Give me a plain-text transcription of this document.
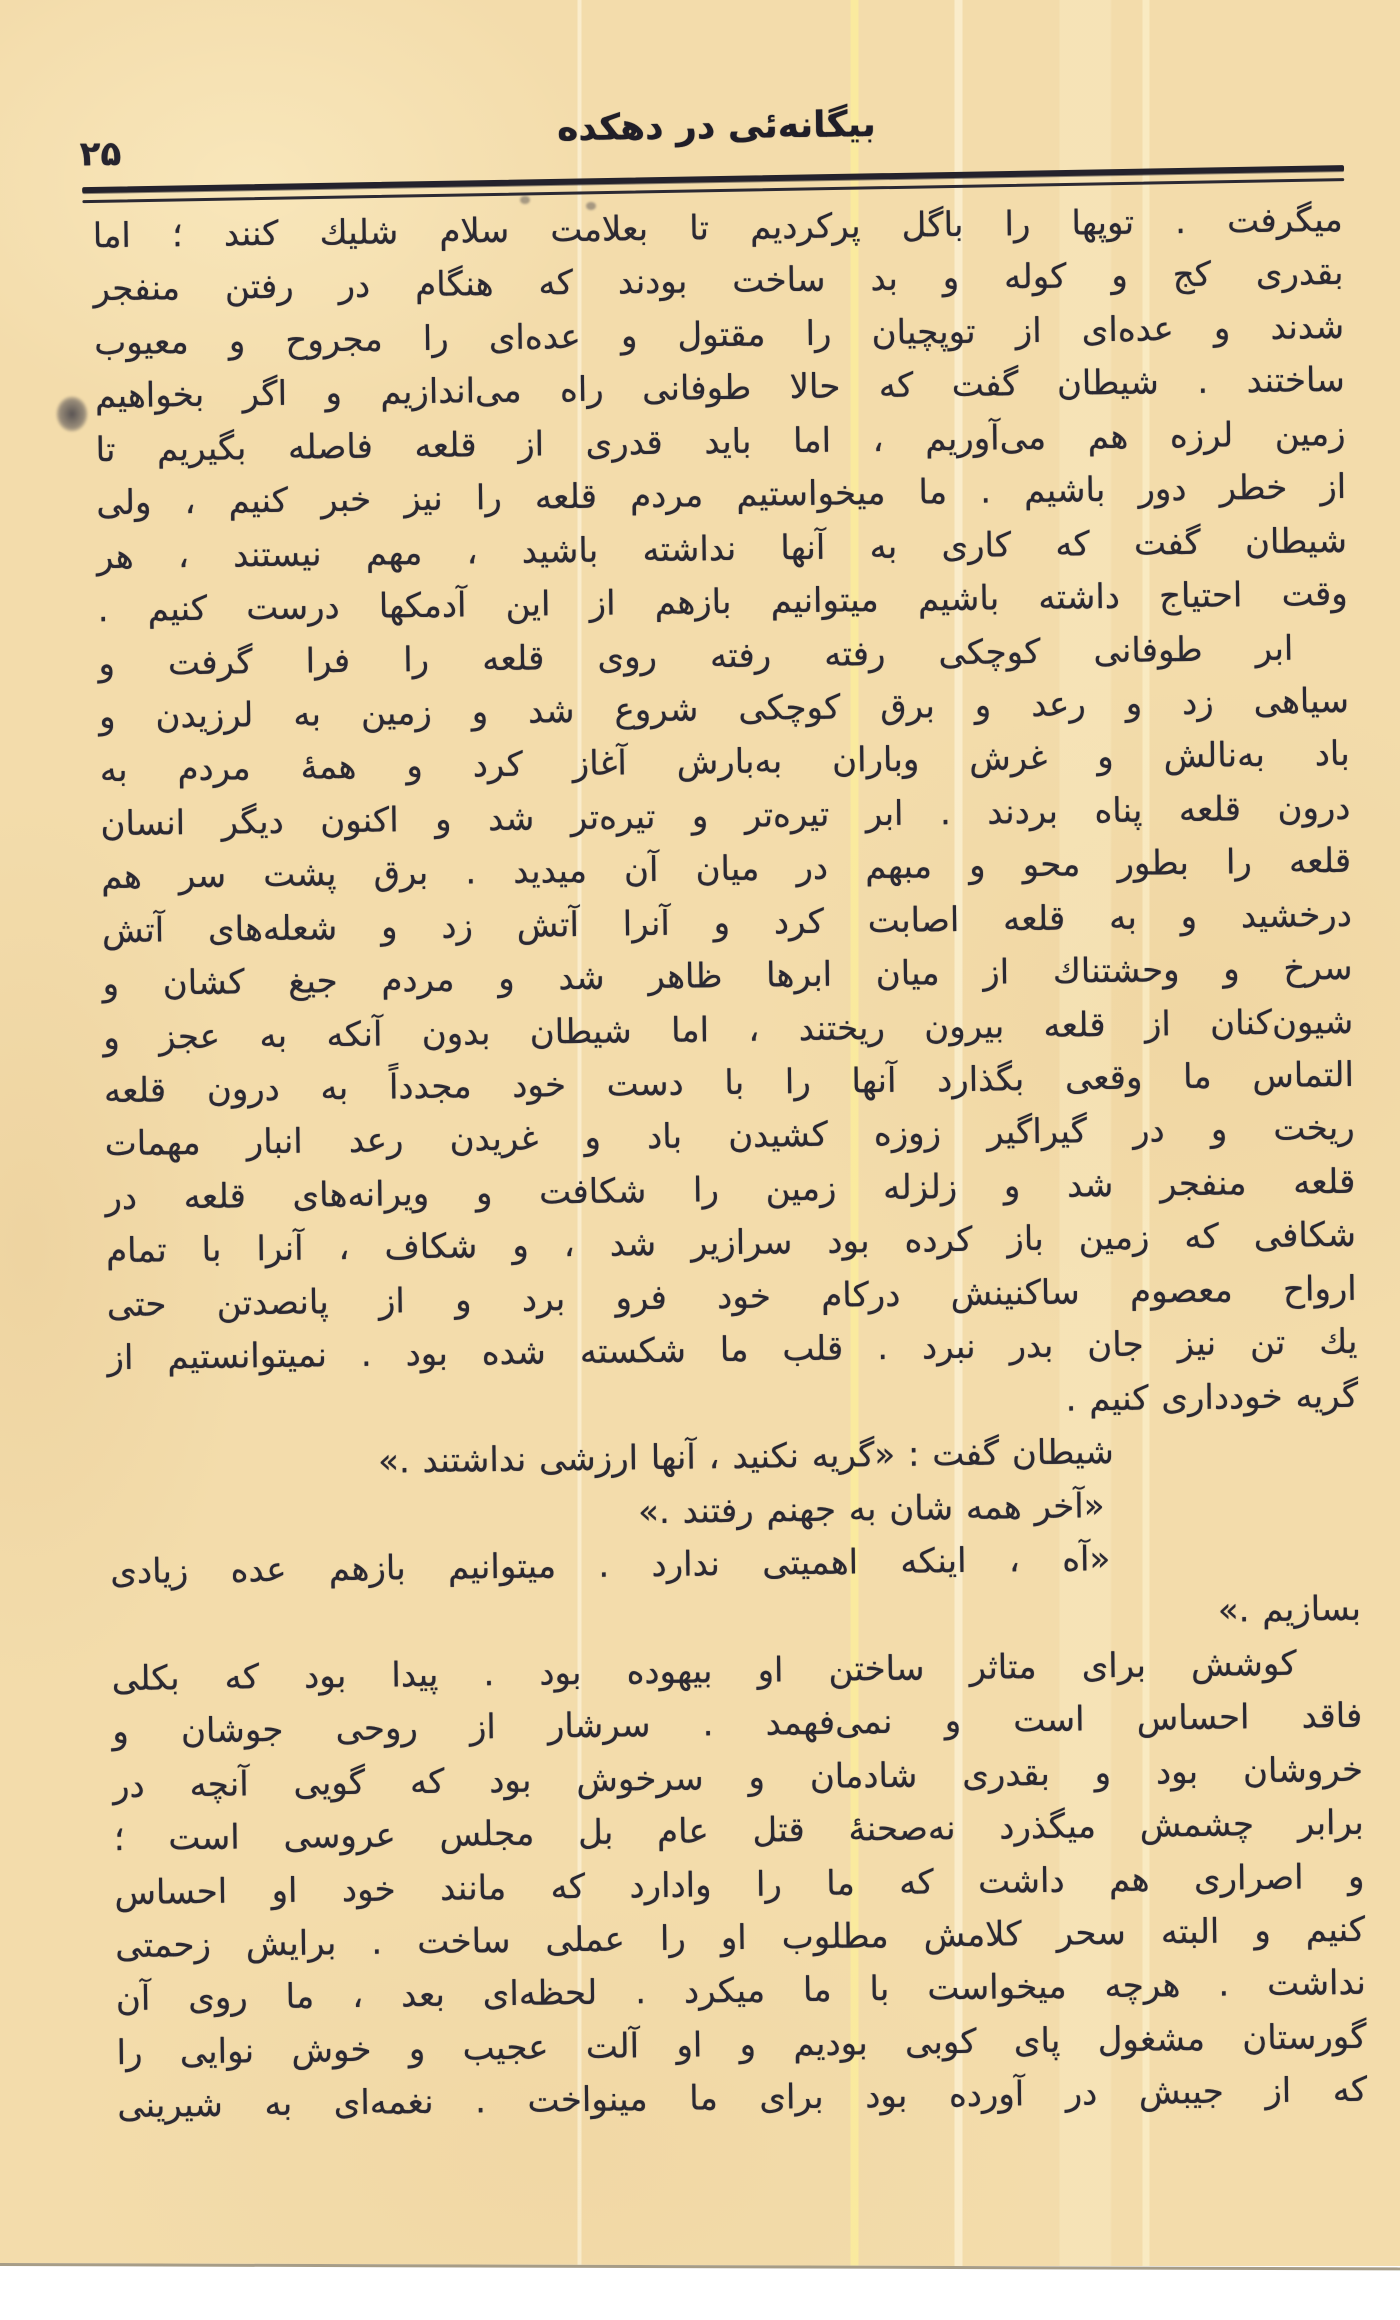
۲۵
بیگانه‌ئی در دهکده
میگرفت . توپها را باگل پرکردیم تا بعلامت سلام شلیك کنند ؛ اما
بقدری کج و کوله و بد ساخت بودند که هنگام در رفتن منفجر
شدند و عده‌ای از توپچیان را مقتول و عده‌ای را مجروح و معیوب
ساختند . شیطان گفت که حالا طوفانی راه می‌اندازیم و اگر بخواهیم
زمین لرزه هم می‌آوریم ، اما باید قدری از قلعه فاصله بگیریم تا
از خطر دور باشیم . ما میخواستیم مردم قلعه را نیز خبر کنیم ، ولی
شیطان گفت که کاری به آنها نداشته باشید ، مهم نیستند ، هر
وقت احتیاج داشته باشیم میتوانیم بازهم از این آدمکها درست کنیم .
ابر طوفانی کوچکی رفته رفته روی قلعه را فرا گرفت و
سیاهی زد و رعد و برق کوچکی شروع شد و زمین به لرزیدن و
باد به‌نالش و غرش وباران به‌بارش آغاز کرد و همهٔ مردم به
درون قلعه پناه بردند . ابر تیره‌تر و تیره‌تر شد و اکنون دیگر انسان
قلعه را بطور محو و مبهم در میان آن میدید . برق پشت سر هم
درخشید و به قلعه اصابت کرد و آنرا آتش زد و شعله‌های آتش
سرخ و وحشتناك از میان ابرها ظاهر شد و مردم جیغ کشان و
شیون‌کنان از قلعه بیرون ریختند ، اما شیطان بدون آنکه به عجز و
التماس ما وقعی بگذارد آنها را با دست خود مجدداً به درون قلعه
ریخت و در گیراگیر زوزه کشیدن باد و غریدن رعد انبار مهمات
قلعه منفجر شد و زلزله زمین را شکافت و ویرانه‌های قلعه در
شکافی که زمین باز کرده بود سرازیر شد ، و شکاف ، آنرا با تمام
ارواح معصوم ساکنینش درکام خود فرو برد و از پانصدتن حتی
یك تن نیز جان بدر نبرد . قلب ما شکسته شده بود . نمیتوانستیم از
گریه خودداری کنیم .
شیطان گفت : «گریه نکنید ، آنها ارزشی نداشتند .»
«آخر همه شان به جهنم رفتند .»
«آه ، اینکه اهمیتی ندارد . میتوانیم بازهم عده زیادی
بسازیم .»
کوشش برای متاثر ساختن او بیهوده بود . پیدا بود که بکلی
فاقد احساس است و نمی‌فهمد . سرشار از روحی جوشان و
خروشان بود و بقدری شادمان و سرخوش بود که گویی آنچه در
برابر چشمش میگذرد نه‌صحنهٔ قتل عام بل مجلس عروسی است ؛
و اصراری هم داشت که ما را وادارد که مانند خود او احساس
کنیم و البته سحر کلامش مطلوب او را عملی ساخت . برایش زحمتی
نداشت . هرچه میخواست با ما میکرد . لحظه‌ای بعد ، ما روی آن
گورستان مشغول پای کوبی بودیم و او آلت عجیب و خوش نوایی را
که از جیبش در آورده بود برای ما مینواخت . نغمه‌ای به شیرینی
